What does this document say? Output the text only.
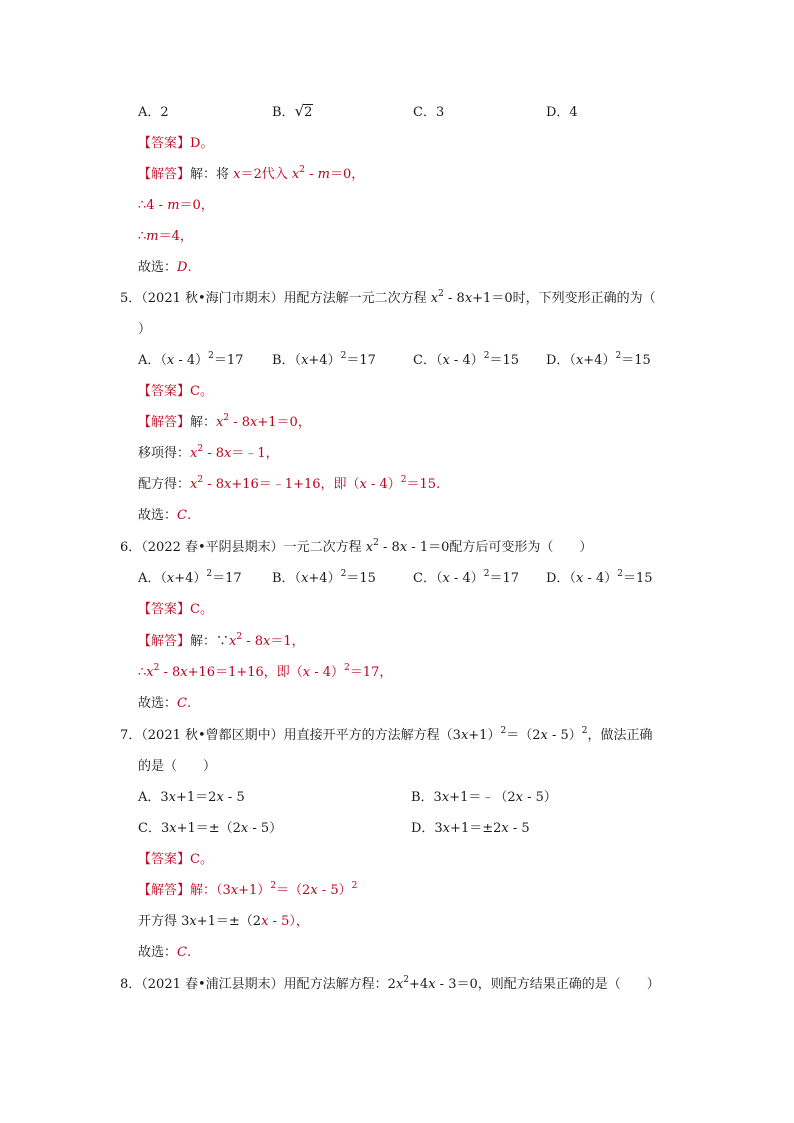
A．2	B．√2	C．3	D．4
【答案】D。
【解答】解：将 x＝2代入 $x^2 - m=0$，
∴4 - m＝0，
∴m＝4，
故选：D.
5．（2021 秋•海门市期末）用配方法解一元二次方程 $x^2 - 8x+1=0$时，下列变形正确的为（
）
A．（x - 4）$^2$＝17 B．$(x+4)^2=17$	C．（x - 4）$^2$＝15 D．$(x+4)^2=15$
【答案】C。
【解答】解：$x^2 - 8x+1=0$，
移项得：$x^2$ - 8x＝﹣1，
配方得：$x^2$ - 8x+16＝﹣1+16，即（x - 4）$^2$＝15.
故选：C.
6．（2022 春•平阴县期末）一元二次方程 $x^2 - 8x - 1=0$配方后可变形为（　　）
A．$(x+4)^2=17$ B．$(x+4)^2=15$	C．（x - 4）$^2$＝17 D．（x - 4）$^2$＝15
【答案】C。
【解答】解：$\because x^2 - 8x=1$，
$\therefore x^2 - 8x+16=1+16$，即（x - 4）$^2$＝17，
故选：C.
7．（2021 秋•曾都区期中）用直接开平方的方法解方程$(3x+1)^2=(2x - 5)^2$，做法正确
的是（　　）
A．3x+1＝2x - 5	B．3x+1＝﹣（2x - 5）
C．3x+1＝±（2x - 5）	D．3x+1＝±2x - 5
【答案】C。
【解答】解：$(3x+1)^2=(2x - 5)^2$
开方得 3x+1＝±（2x - 5），
故选：C.
8．（2021 春•浦江县期末）用配方法解方程：$2x^2+4x - 3=0$，则配方结果正确的是（　　）
